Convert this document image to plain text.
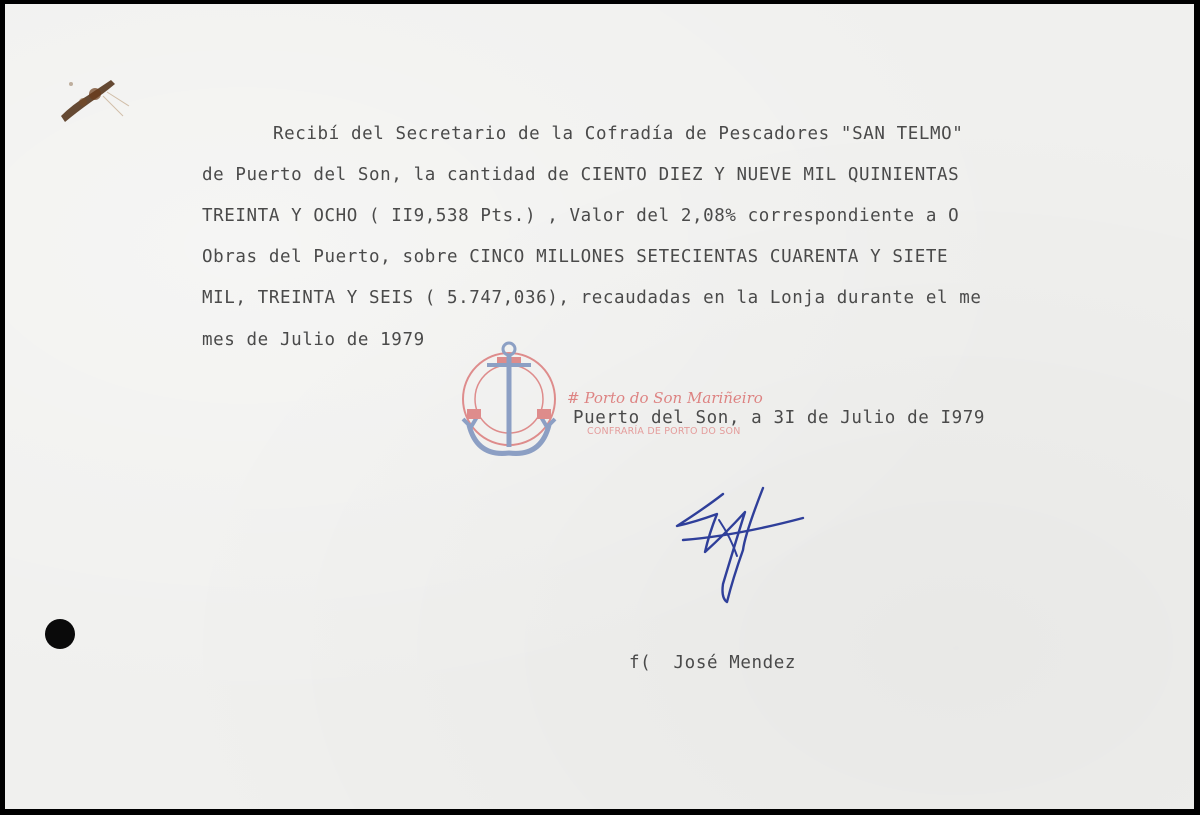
Recibí del Secretario de la Cofradía de Pescadores "SAN TELMO"
de Puerto del Son, la cantidad de CIENTO DIEZ Y NUEVE MIL QUINIENTAS
TREINTA Y OCHO ( II9,538 Pts.) , Valor del 2,08% correspondiente a O
Obras del Puerto, sobre CINCO MILLONES SETECIENTAS CUARENTA Y SIETE
MIL, TREINTA Y SEIS ( 5.747,036), recaudadas en la Lonja durante el me
mes de Julio de 1979
# Porto do Son Mariñeiro
CONFRARÍA DE PORTO DO SON
Puerto del Son, a 3I de Julio de I979
f(  José Mendez
